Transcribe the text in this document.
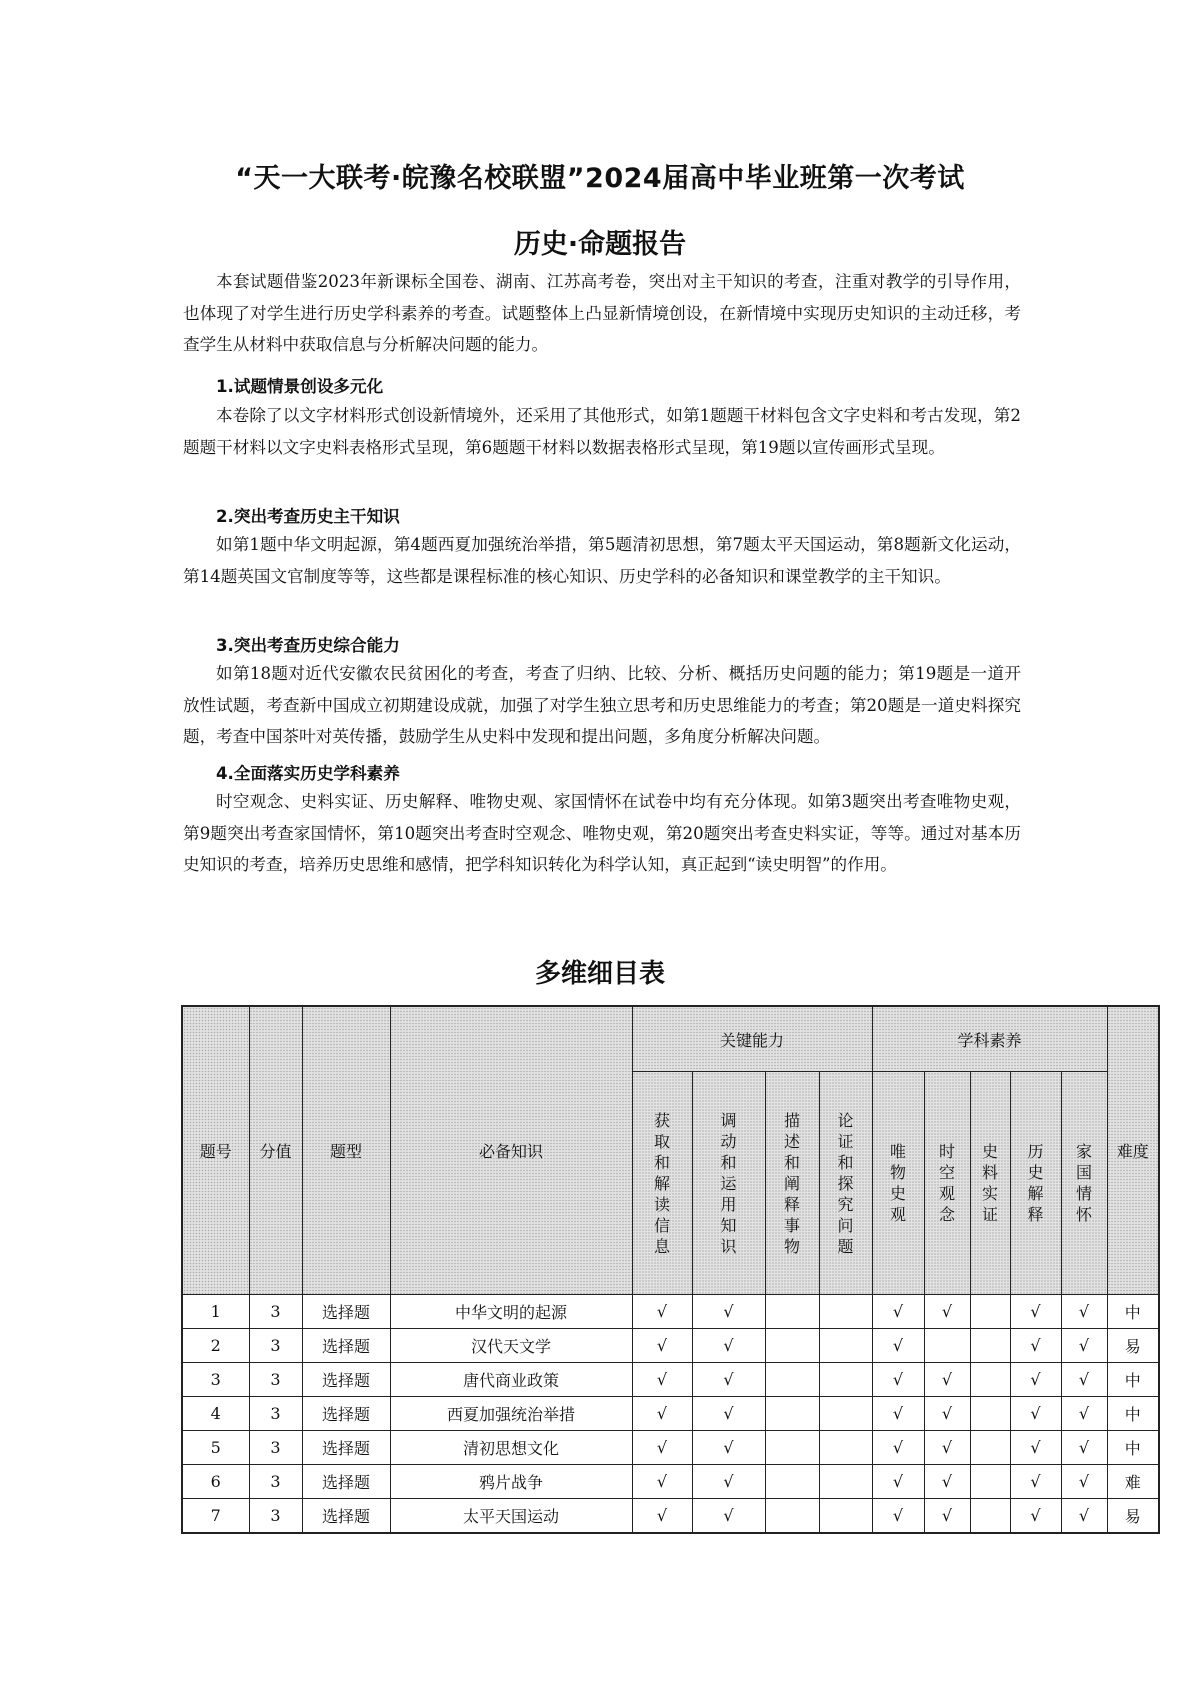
“天一大联考·皖豫名校联盟”2024届高中毕业班第一次考试
历史·命题报告

本套试题借鉴2023年新课标全国卷、湖南、江苏高考卷，突出对主干知识的考查，注重对教学的引导作用，也体现了对学生进行历史学科素养的考查。试题整体上凸显新情境创设，在新情境中实现历史知识的主动迁移，考查学生从材料中获取信息与分析解决问题的能力。

1.试题情景创设多元化

本卷除了以文字材料形式创设新情境外，还采用了其他形式，如第1题题干材料包含文字史料和考古发现，第2题题干材料以文字史料表格形式呈现，第6题题干材料以数据表格形式呈现，第19题以宣传画形式呈现。

2.突出考查历史主干知识

如第1题中华文明起源，第4题西夏加强统治举措，第5题清初思想，第7题太平天国运动，第8题新文化运动，第14题英国文官制度等等，这些都是课程标准的核心知识、历史学科的必备知识和课堂教学的主干知识。

3.突出考查历史综合能力

如第18题对近代安徽农民贫困化的考查，考查了归纳、比较、分析、概括历史问题的能力；第19题是一道开放性试题，考查新中国成立初期建设成就，加强了对学生独立思考和历史思维能力的考查；第20题是一道史料探究题，考查中国茶叶对英传播，鼓励学生从史料中发现和提出问题，多角度分析解决问题。

4.全面落实历史学科素养

时空观念、史料实证、历史解释、唯物史观、家国情怀在试卷中均有充分体现。如第3题突出考查唯物史观，第9题突出考查家国情怀，第10题突出考查时空观念、唯物史观，第20题突出考查史料实证，等等。通过对基本历史知识的考查，培养历史思维和感情，把学科知识转化为科学认知，真正起到“读史明智”的作用。

多维细目表
题号	分值	题型	必备知识	关键能力				学科素养					难度
				获取和解读信息	调动和运用知识	描述和阐释事物	论证和探究问题	唯物史观	时空观念	史料实证	历史解释	家国情怀	
1	3	选择题	中华文明的起源	√	√			√	√		√	√	中
2	3	选择题	汉代天文学	√	√			√			√	√	易
3	3	选择题	唐代商业政策	√	√			√	√		√	√	中
4	3	选择题	西夏加强统治举措	√	√			√	√		√	√	中
5	3	选择题	清初思想文化	√	√			√	√		√	√	中
6	3	选择题	鸦片战争	√	√			√	√		√	√	难
7	3	选择题	太平天国运动	√	√			√	√		√	√	易
